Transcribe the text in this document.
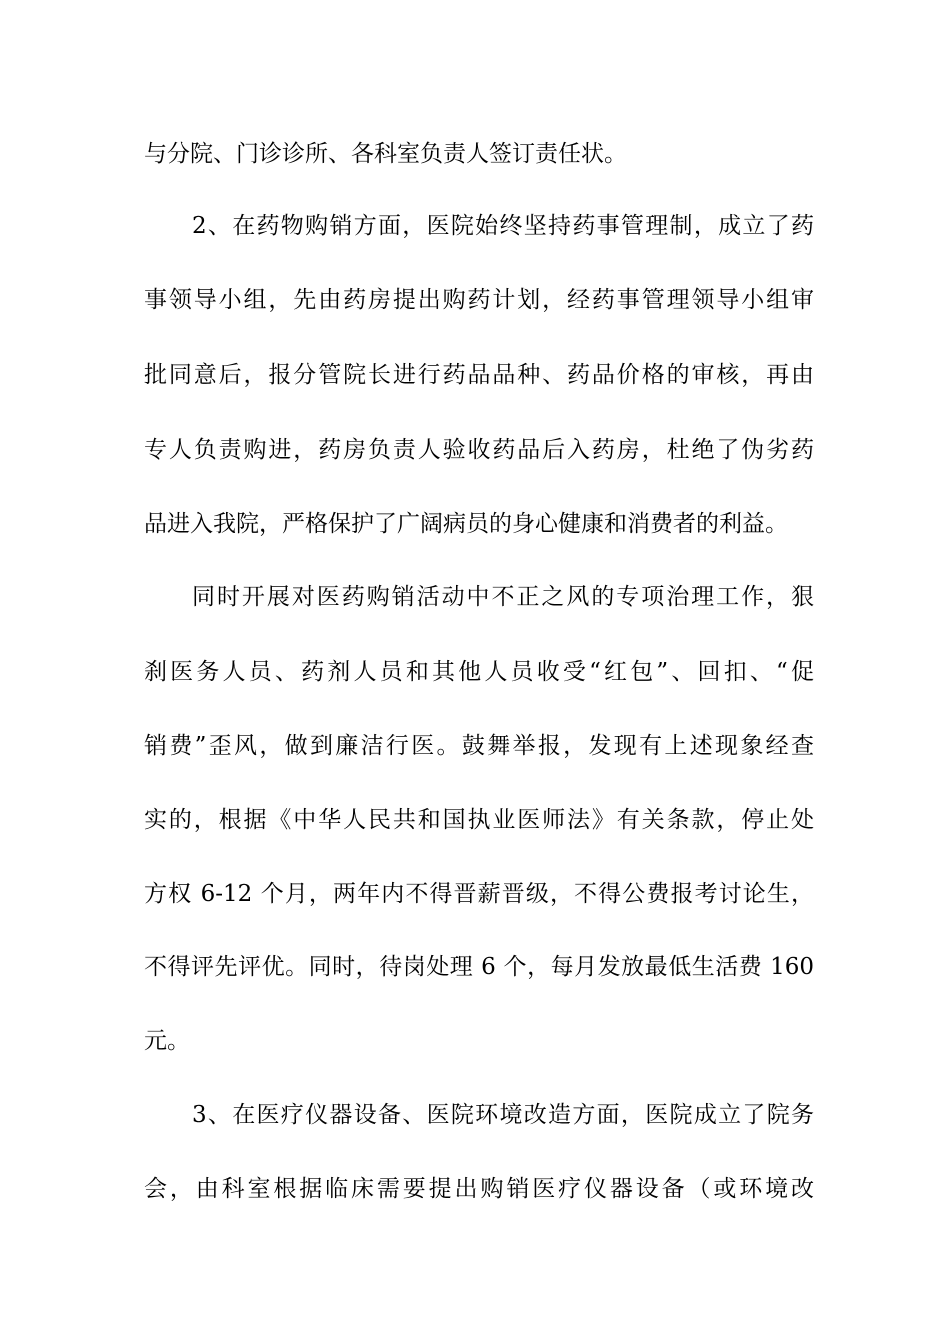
与分院、门诊诊所、各科室负责人签订责任状。
2、在药物购销方面，医院始终坚持药事管理制，成立了药
事领导小组，先由药房提出购药计划，经药事管理领导小组审
批同意后，报分管院长进行药品品种、药品价格的审核，再由
专人负责购进，药房负责人验收药品后入药房，杜绝了伪劣药
品进入我院，严格保护了广阔病员的身心健康和消费者的利益。
同时开展对医药购销活动中不正之风的专项治理工作，狠
刹医务人员、药剂人员和其他人员收受“红包”、回扣、“促
销费”歪风，做到廉洁行医。鼓舞举报，发现有上述现象经查
实的，根据《中华人民共和国执业医师法》有关条款，停止处
方权 6-12 个月，两年内不得晋薪晋级，不得公费报考讨论生，
不得评先评优。同时，待岗处理 6 个，每月发放最低生活费 160
元。
3、在医疗仪器设备、医院环境改造方面，医院成立了院务
会，由科室根据临床需要提出购销医疗仪器设备（或环境改
